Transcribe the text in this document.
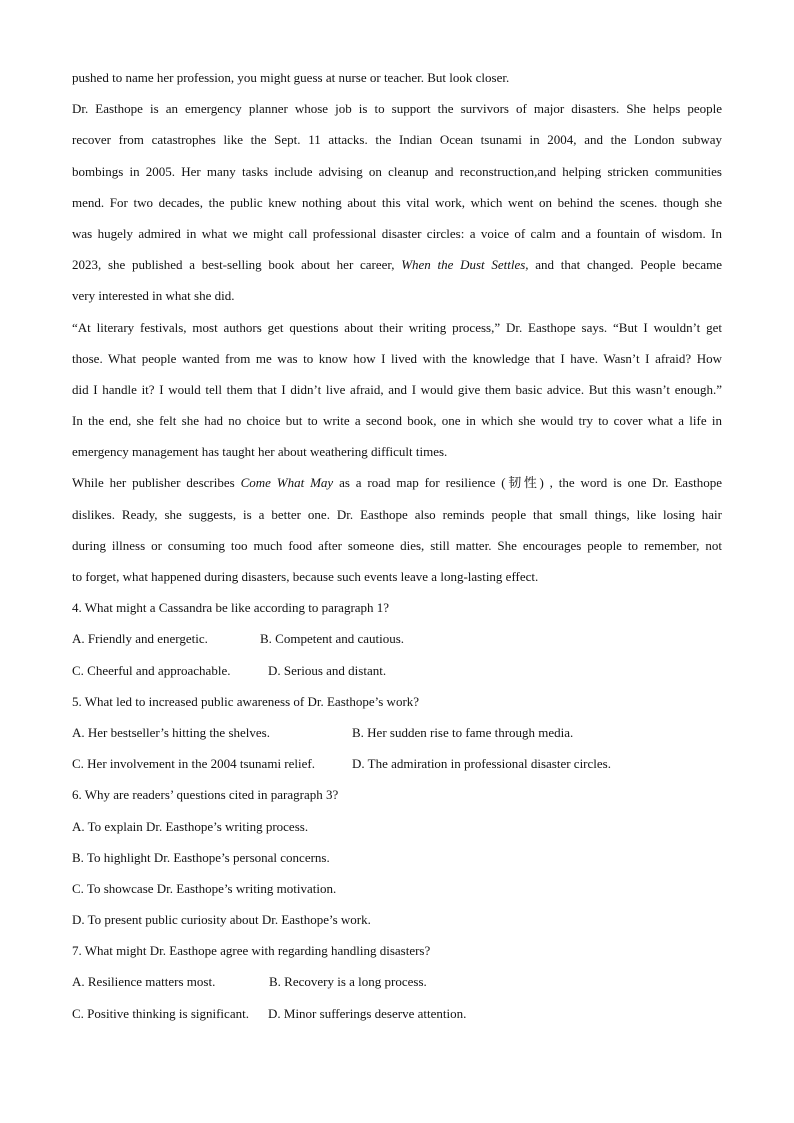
pushed to name her profession, you might guess at nurse or teacher. But look closer.
Dr. Easthope is an emergency planner whose job is to support the survivors of major disasters. She helps people
recover from catastrophes like the Sept. 11 attacks. the Indian Ocean tsunami in 2004, and the London subway
bombings in 2005. Her many tasks include advising on cleanup and reconstruction,and helping stricken communities
mend. For two decades, the public knew nothing about this vital work, which went on behind the scenes. though she
was hugely admired in what we might call professional disaster circles: a voice of calm and a fountain of wisdom. In
2023, she published a best-selling book about her career, When the Dust Settles, and that changed. People became
very interested in what she did.
“At literary festivals, most authors get questions about their writing process,” Dr. Easthope says. “But I wouldn’t get
those. What people wanted from me was to know how I lived with the knowledge that I have. Wasn’t I afraid? How
did I handle it? I would tell them that I didn’t live afraid, and I would give them basic advice. But this wasn’t enough.”
In the end, she felt she had no choice but to write a second book, one in which she would try to cover what a life in
emergency management has taught her about weathering difficult times.
While her publisher describes Come What May as a road map for resilience (韧性) , the word is one Dr. Easthope
dislikes. Ready, she suggests, is a better one. Dr. Easthope also reminds people that small things, like losing hair
during illness or consuming too much food after someone dies, still matter. She encourages people to remember, not
to forget, what happened during disasters, because such events leave a long-lasting effect.
4. What might a Cassandra be like according to paragraph 1?
A. Friendly and energetic.	B. Competent and cautious.
C. Cheerful and approachable.	D. Serious and distant.
5. What led to increased public awareness of Dr. Easthope’s work?
A. Her bestseller’s hitting the shelves.	B. Her sudden rise to fame through media.
C. Her involvement in the 2004 tsunami relief.	D. The admiration in professional disaster circles.
6. Why are readers’ questions cited in paragraph 3?
A. To explain Dr. Easthope’s writing process.
B. To highlight Dr. Easthope’s personal concerns.
C. To showcase Dr. Easthope’s writing motivation.
D. To present public curiosity about Dr. Easthope’s work.
7. What might Dr. Easthope agree with regarding handling disasters?
A. Resilience matters most.	B. Recovery is a long process.
C. Positive thinking is significant.	D. Minor sufferings deserve attention.
